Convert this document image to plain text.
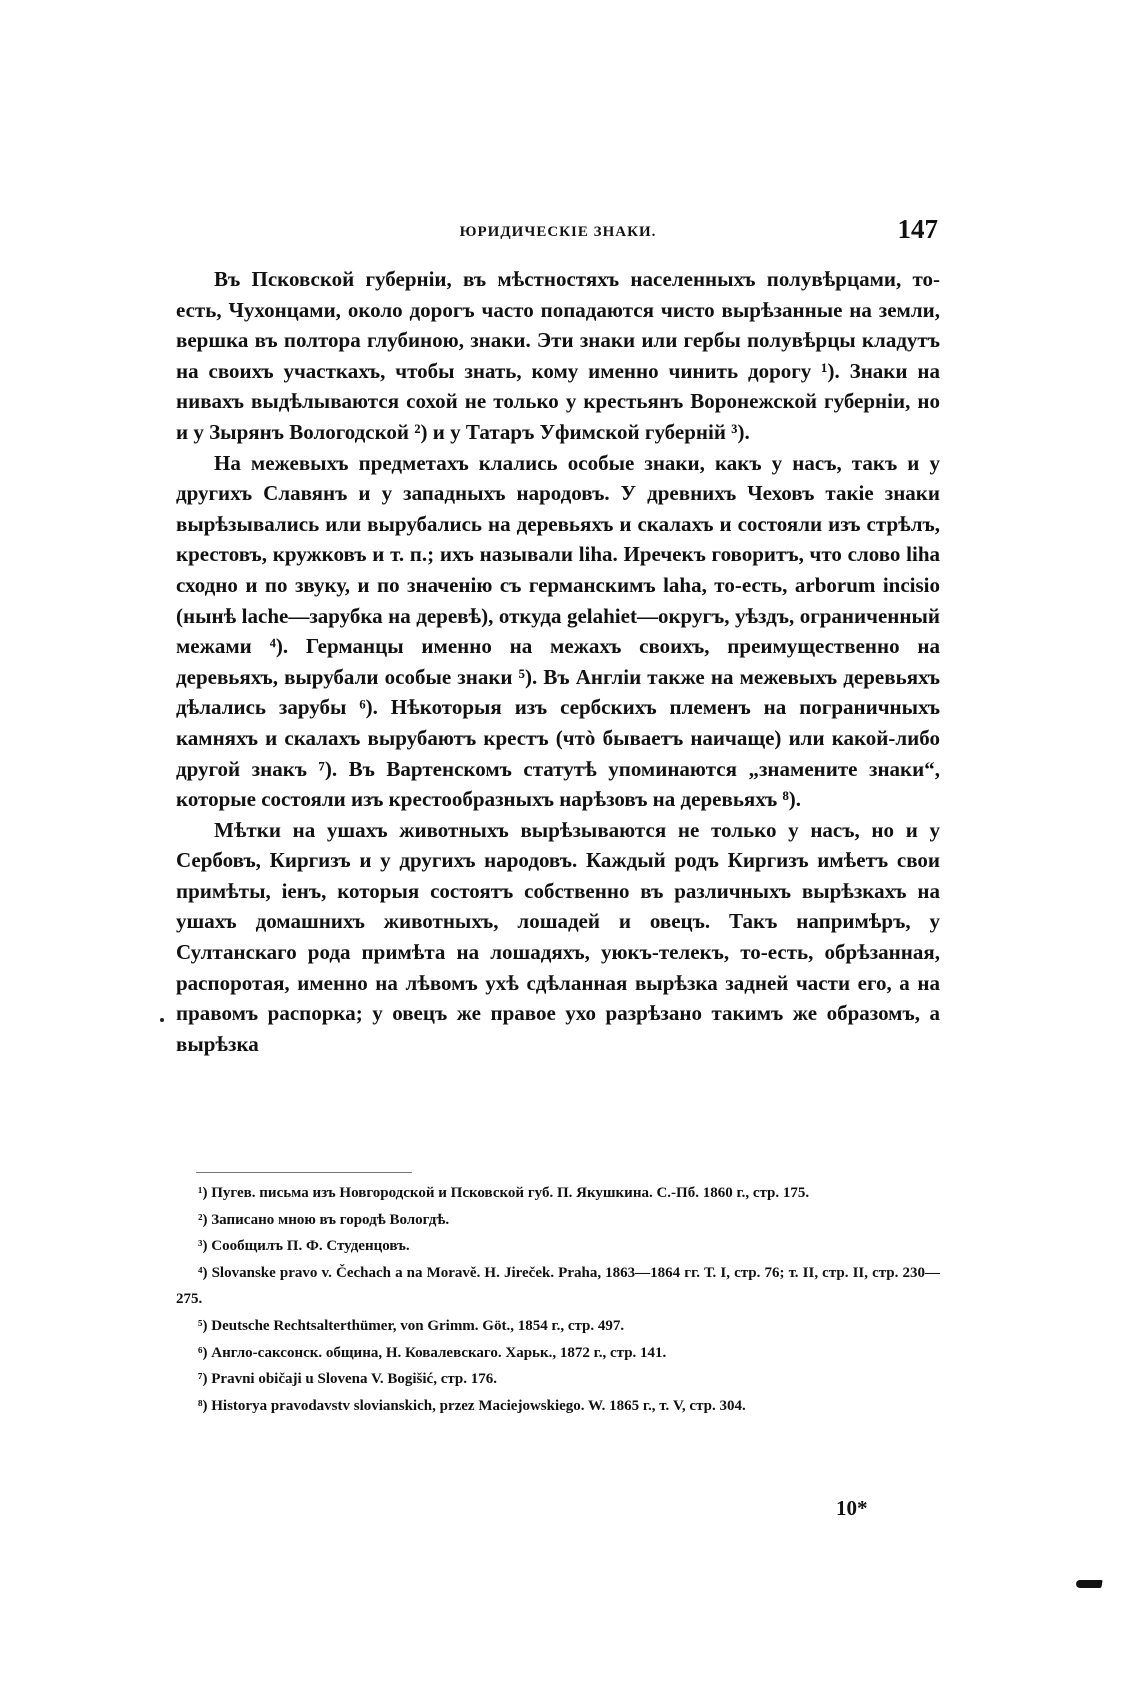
ЮРИДИЧЕСКІЕ ЗНАКИ.	147

Въ Псковской губерніи, въ мѣстностяхъ населенныхъ полувѣрцами, то-есть, Чухонцами, около дорогъ часто попадаются чисто вырѣзанные на земли, вершка въ полтора глубиною, знаки. Эти знаки или гербы полувѣрцы кладутъ на своихъ участкахъ, чтобы знать, кому именно чинить дорогу ¹). Знаки на нивахъ выдѣлываются сохой не только у крестьянъ Воронежской губерніи, но и у Зырянъ Вологодской ²) и у Татаръ Уфимской губерній ³).

На межевыхъ предметахъ клались особые знаки, какъ у насъ, такъ и у другихъ Славянъ и у западныхъ народовъ. У древнихъ Чеховъ такіе знаки вырѣзывались или вырубались на деревьяхъ и скалахъ и состояли изъ стрѣлъ, крестовъ, кружковъ и т. п.; ихъ называли liha. Иречекъ говоритъ, что слово liha сходно и по звуку, и по значенію съ германскимъ laha, то-есть, arborum incisio (нынѣ lache—зарубка на деревѣ), откуда gelahiet—округъ, уѣздъ, ограниченный межами ⁴). Германцы именно на межахъ своихъ, преимущественно на деревьяхъ, вырубали особые знаки ⁵). Въ Англіи также на межевыхъ деревьяхъ дѣлались зарубы ⁶). Нѣкоторыя изъ сербскихъ племенъ на пограничныхъ камняхъ и скалахъ вырубаютъ крестъ (чтò бываетъ наичаще) или какой-либо другой знакъ ⁷). Въ Вартенскомъ статутѣ упоминаются „знамените знаки“, которые состояли изъ крестообразныхъ нарѣзовъ на деревьяхъ ⁸).

Мѣтки на ушахъ животныхъ вырѣзываются не только у насъ, но и у Сербовъ, Киргизъ и у другихъ народовъ. Каждый родъ Киргизъ имѣетъ свои примѣты, іенъ, которыя состоятъ собственно въ различныхъ вырѣзкахъ на ушахъ домашнихъ животныхъ, лошадей и овецъ. Такъ напримѣръ, у Султанскаго рода примѣта на лошадяхъ, уюкъ-телекъ, то-есть, обрѣзанная, распоротая, именно на лѣвомъ ухѣ сдѣланная вырѣзка задней части его, а на правомъ распорка; у овецъ же правое ухо разрѣзано такимъ же образомъ, а вырѣзка

¹) Пугев. письма изъ Новгородской и Псковской губ. П. Якушкина. С.-Пб. 1860 г., стр. 175.

²) Записано мною въ городѣ Вологдѣ.

³) Сообщилъ П. Ф. Студенцовъ.

⁴) Slovanske pravo v. Čechach a na Moravě. H. Jireček. Praha, 1863—1864 гг. Т. I, стр. 76; т. II, стр. II, стр. 230—275.

⁵) Deutsche Rechtsalterthümer, von Grimm. Göt., 1854 г., стр. 497.

⁶) Англо-саксонск. община, Н. Ковалевскаго. Харьк., 1872 г., стр. 141.

⁷) Pravni običaji u Slovena V. Bogišić, стр. 176.

⁸) Historya pravodavstv slovianskich, przez Maciejowskiego. W. 1865 г., т. V, стр. 304.

10*
